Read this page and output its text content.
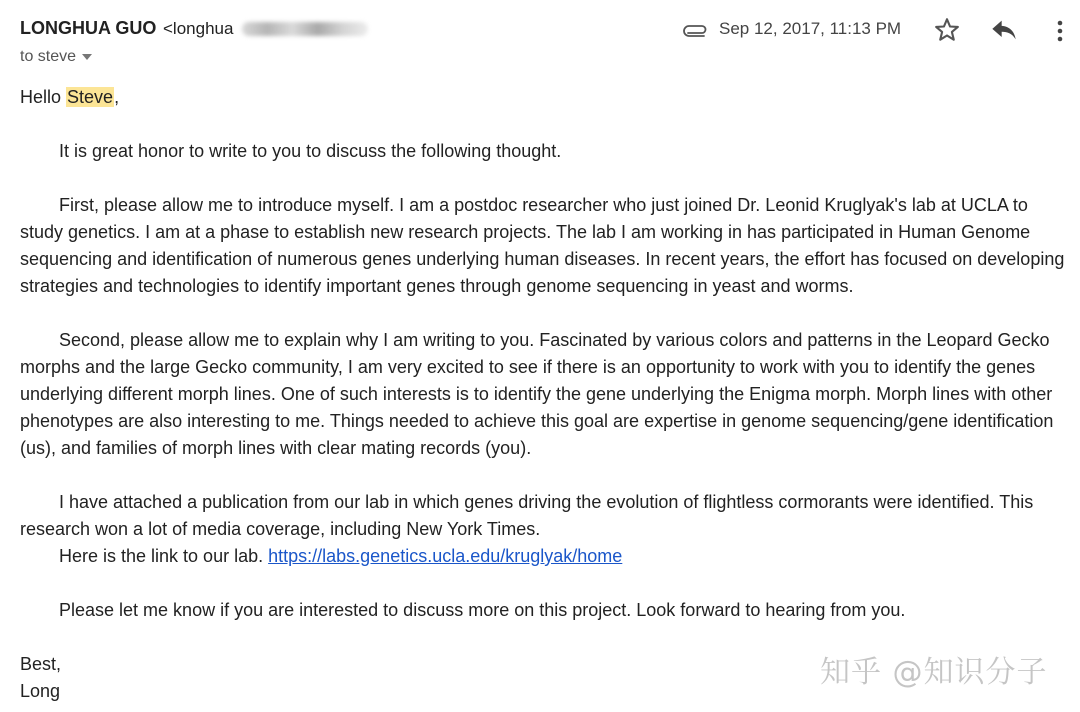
LONGHUA GUO <longhua
to steve
Sep 12, 2017, 11:13 PM

Hello Steve,

It is great honor to write to you to discuss the following thought.

First, please allow me to introduce myself. I am a postdoc researcher who just joined Dr. Leonid Kruglyak's lab at UCLA to study genetics. I am at a phase to establish new research projects. The lab I am working in has participated in Human Genome sequencing and identification of numerous genes underlying human diseases. In recent years, the effort has focused on developing strategies and technologies to identify important genes through genome sequencing in yeast and worms.

Second, please allow me to explain why I am writing to you. Fascinated by various colors and patterns in the Leopard Gecko morphs and the large Gecko community, I am very excited to see if there is an opportunity to work with you to identify the genes underlying different morph lines. One of such interests is to identify the gene underlying the Enigma morph. Morph lines with other phenotypes are also interesting to me. Things needed to achieve this goal are expertise in genome sequencing/gene identification (us), and families of morph lines with clear mating records (you).

I have attached a publication from our lab in which genes driving the evolution of flightless cormorants were identified. This research won a lot of media coverage, including New York Times.

Here is the link to our lab. https://labs.genetics.ucla.edu/kruglyak/home

Please let me know if you are interested to discuss more on this project. Look forward to hearing from you.

Best,

Long

知乎 @知识分子
